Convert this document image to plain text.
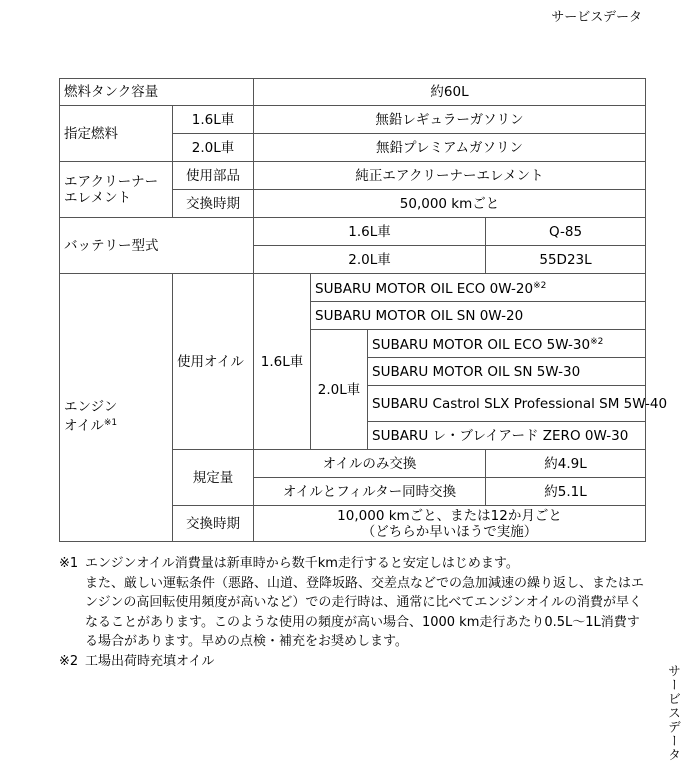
サービスデータ
サービスデータ
燃料タンク容量		約60L			
指定燃料	1.6L車	無鉛レギュラーガソリン			
	2.0L車	無鉛プレミアムガソリン			
エアクリーナー
エレメント	使用部品	純正エアクリーナーエレメント			
	交換時期	50,000 kmごと			
バッテリー型式		1.6L車			Q-85
		2.0L車			55D23L
エンジン
オイル$^{※1}$	使用オイル	1.6L車	SUBARU MOTOR OIL ECO 0W-20$^{※2}$
			SUBARU MOTOR OIL SN 0W-20		
			2.0L車	SUBARU MOTOR OIL ECO 5W-30$^{※2}$
				SUBARU MOTOR OIL SN 5W-30	
				SUBARU Castrol SLX Professional SM 5W-40	
				SUBARU レ・ブレイアード ZERO 0W-30	
	規定量	オイルのみ交換			約4.9L
		オイルとフィルター同時交換			約5.1L
	交換時期	10,000 kmごと、または12か月ごと
（どちらか早いほうで実施）			
※1 エンジンオイル消費量は新車時から数千km走行すると安定しはじめます。

また、厳しい運転条件（悪路、山道、登降坂路、交差点などでの急加減速の繰り返し、またはエンジンの高回転使用頻度が高いなど）での走行時は、通常に比べてエンジンオイルの消費が早くなることがあります。このような使用の頻度が高い場合、1000 km走行あたり0.5L〜1L消費する場合があります。早めの点検・補充をお奨めします。

※2 工場出荷時充填オイル
